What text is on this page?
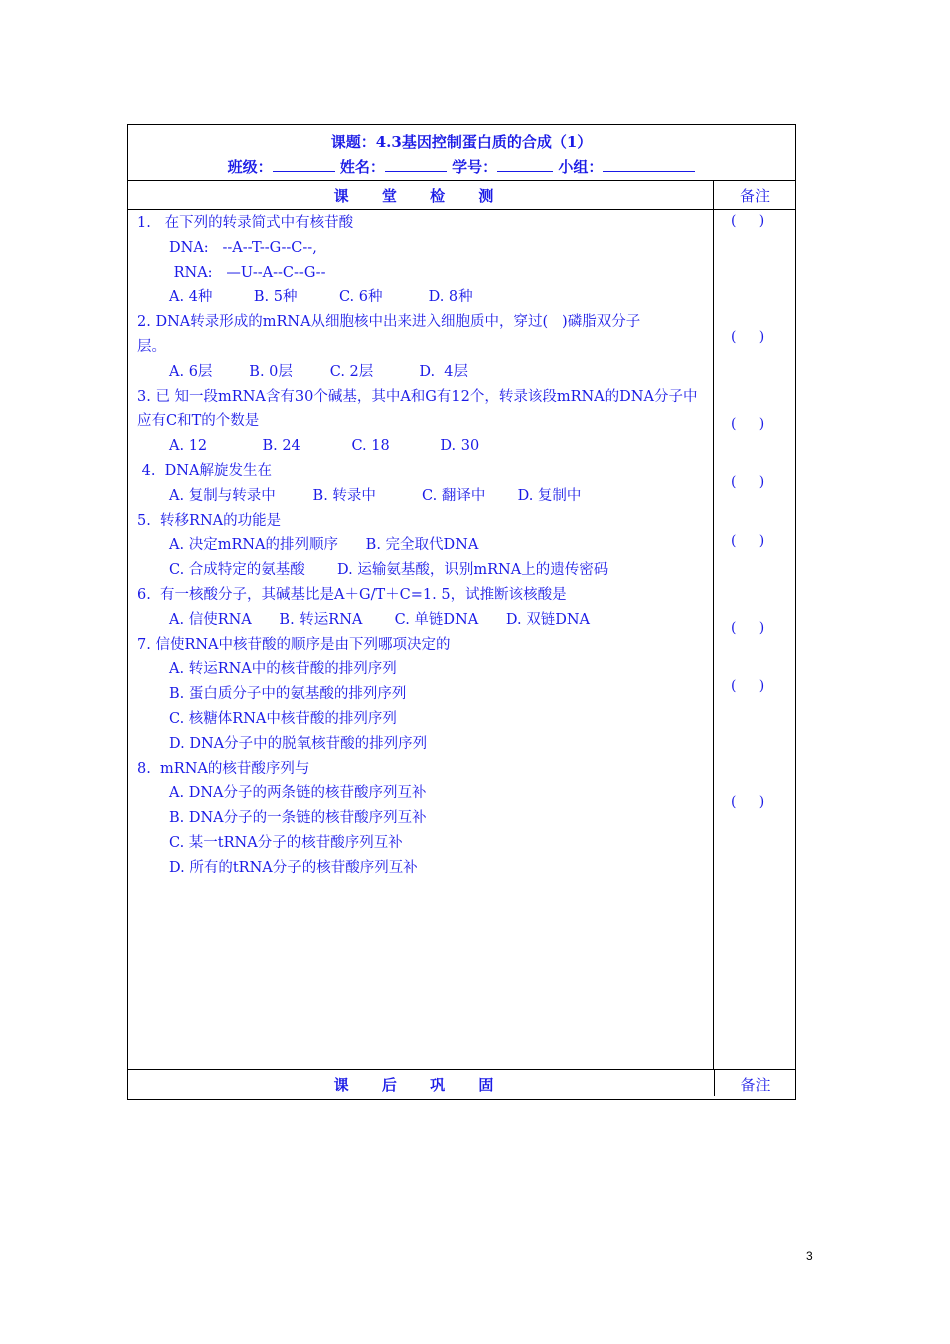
课题：4.3基因控制蛋白质的合成（1）
班级：	姓名：	学号：	小组：
课 堂 检 测	备注
1.   在下列的转录简式中有核苷酸
DNA:   --A--T--G--C--,
RNA:   —U--A--C--G--
A. 4种         B. 5种         C. 6种          D. 8种
2. DNA转录形成的mRNA从细胞核中出来进入细胞质中，穿过(   )磷脂双分子
层。
A. 6层        B. 0层        C. 2层          D.  4层
3. 已 知一段mRNA含有30个碱基，其中A和G有12个，转录该段mRNA的DNA分子中
应有C和T的个数是
A. 12            B. 24           C. 18           D. 30
4.  DNA解旋发生在
A. 复制与转录中        B. 转录中          C. 翻译中       D. 复制中
5.  转移RNA的功能是
A. 决定mRNA的排列顺序      B. 完全取代DNA
C. 合成特定的氨基酸       D. 运输氨基酸，识别mRNA上的遗传密码
6.  有一核酸分子，其碱基比是A＋G/T＋C=1. 5，试推断该核酸是
A. 信使RNA      B. 转运RNA       C. 单链DNA      D. 双链DNA
7. 信使RNA中核苷酸的顺序是由下列哪项决定的
A. 转运RNA中的核苷酸的排列序列
B. 蛋白质分子中的氨基酸的排列序列
C. 核糖体RNA中核苷酸的排列序列
D. DNA分子中的脱氧核苷酸的排列序列
8.  mRNA的核苷酸序列与
A. DNA分子的两条链的核苷酸序列互补
B. DNA分子的一条链的核苷酸序列互补
C. 某一tRNA分子的核苷酸序列互补
D. 所有的tRNA分子的核苷酸序列互补
(     )
(     )
(     )
(     )
(     )
(     )
(     )
(     )
课 后 巩 固	备注
3
